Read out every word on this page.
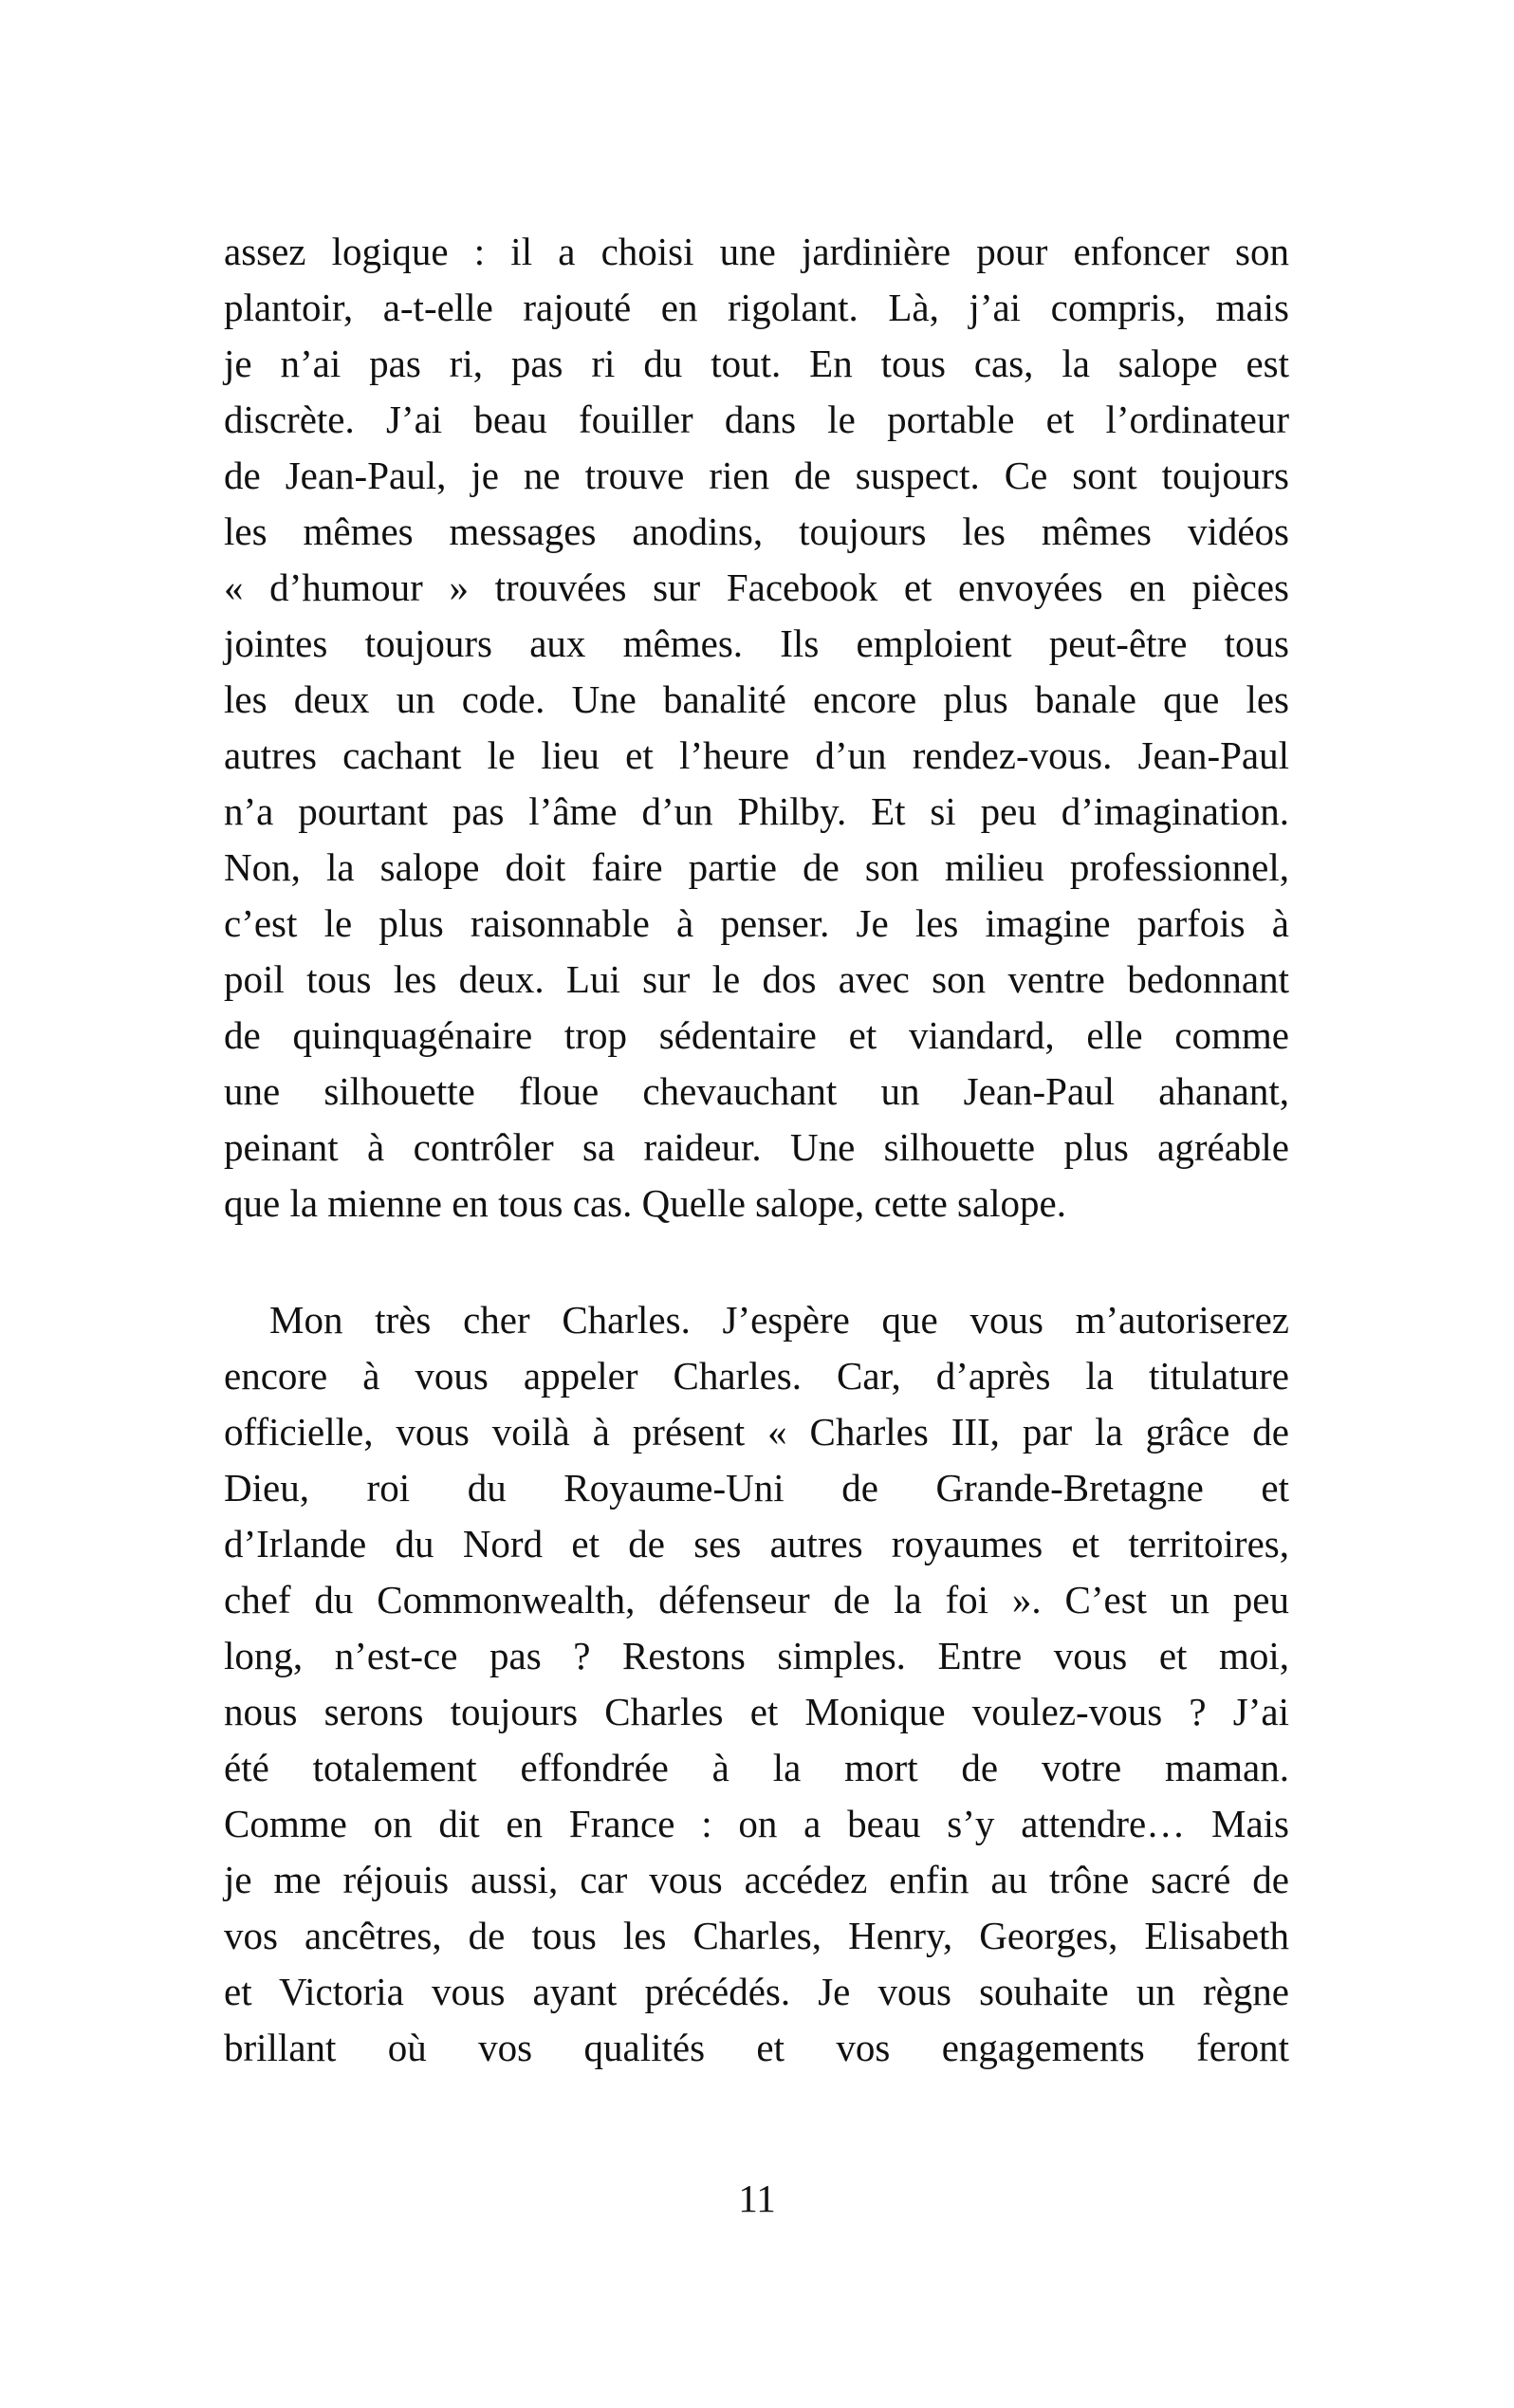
assez logique : il a choisi une jardinière pour enfoncer son
plantoir, a-t-elle rajouté en rigolant. Là, j’ai compris, mais
je n’ai pas ri, pas ri du tout. En tous cas, la salope est
discrète. J’ai beau fouiller dans le portable et l’ordinateur
de Jean-Paul, je ne trouve rien de suspect. Ce sont toujours
les mêmes messages anodins, toujours les mêmes vidéos
« d’humour » trouvées sur Facebook et envoyées en pièces
jointes toujours aux mêmes. Ils emploient peut-être tous
les deux un code. Une banalité encore plus banale que les
autres cachant le lieu et l’heure d’un rendez-vous. Jean-Paul
n’a pourtant pas l’âme d’un Philby. Et si peu d’imagination.
Non, la salope doit faire partie de son milieu professionnel,
c’est le plus raisonnable à penser. Je les imagine parfois à
poil tous les deux. Lui sur le dos avec son ventre bedonnant
de quinquagénaire trop sédentaire et viandard, elle comme
une silhouette floue chevauchant un Jean-Paul ahanant,
peinant à contrôler sa raideur. Une silhouette plus agréable
que la mienne en tous cas. Quelle salope, cette salope.
Mon très cher Charles. J’espère que vous m’autoriserez
encore à vous appeler Charles. Car, d’après la titulature
officielle, vous voilà à présent « Charles III, par la grâce de
Dieu, roi du Royaume-Uni de Grande-Bretagne et
d’Irlande du Nord et de ses autres royaumes et territoires,
chef du Commonwealth, défenseur de la foi ». C’est un peu
long, n’est-ce pas ? Restons simples. Entre vous et moi,
nous serons toujours Charles et Monique voulez-vous ? J’ai
été totalement effondrée à la mort de votre maman.
Comme on dit en France : on a beau s’y attendre… Mais
je me réjouis aussi, car vous accédez enfin au trône sacré de
vos ancêtres, de tous les Charles, Henry, Georges, Elisabeth
et Victoria vous ayant précédés. Je vous souhaite un règne
brillant où vos qualités et vos engagements feront
11
